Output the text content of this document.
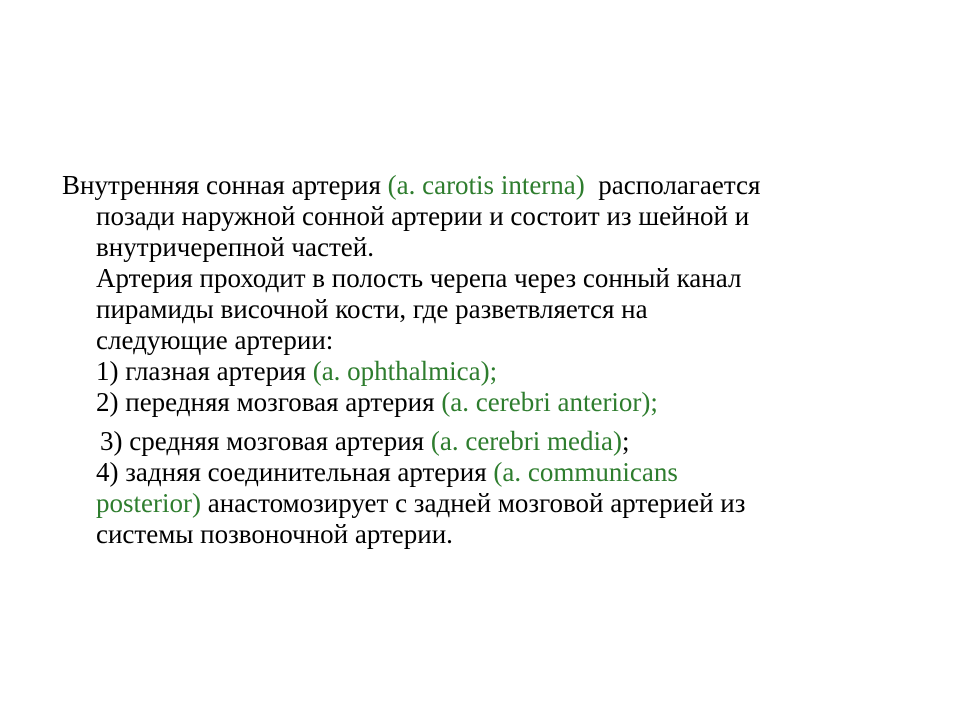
Внутренняя сонная артерия (a. carotis interna)  располагается
позади наружной сонной артерии и состоит из шейной и
внутричерепной частей.
Артерия проходит в полость черепа через сонный канал
пирамиды височной кости, где разветвляется на
следующие артерии:
1) глазная артерия (a. ophthalmica);
2) передняя мозговая артерия (a. cerebri anterior);
3) средняя мозговая артерия (a. cerebri media);
4) задняя соединительная артерия (a. communicans
posterior) анастомозирует с задней мозговой артерией из
системы позвоночной артерии.
